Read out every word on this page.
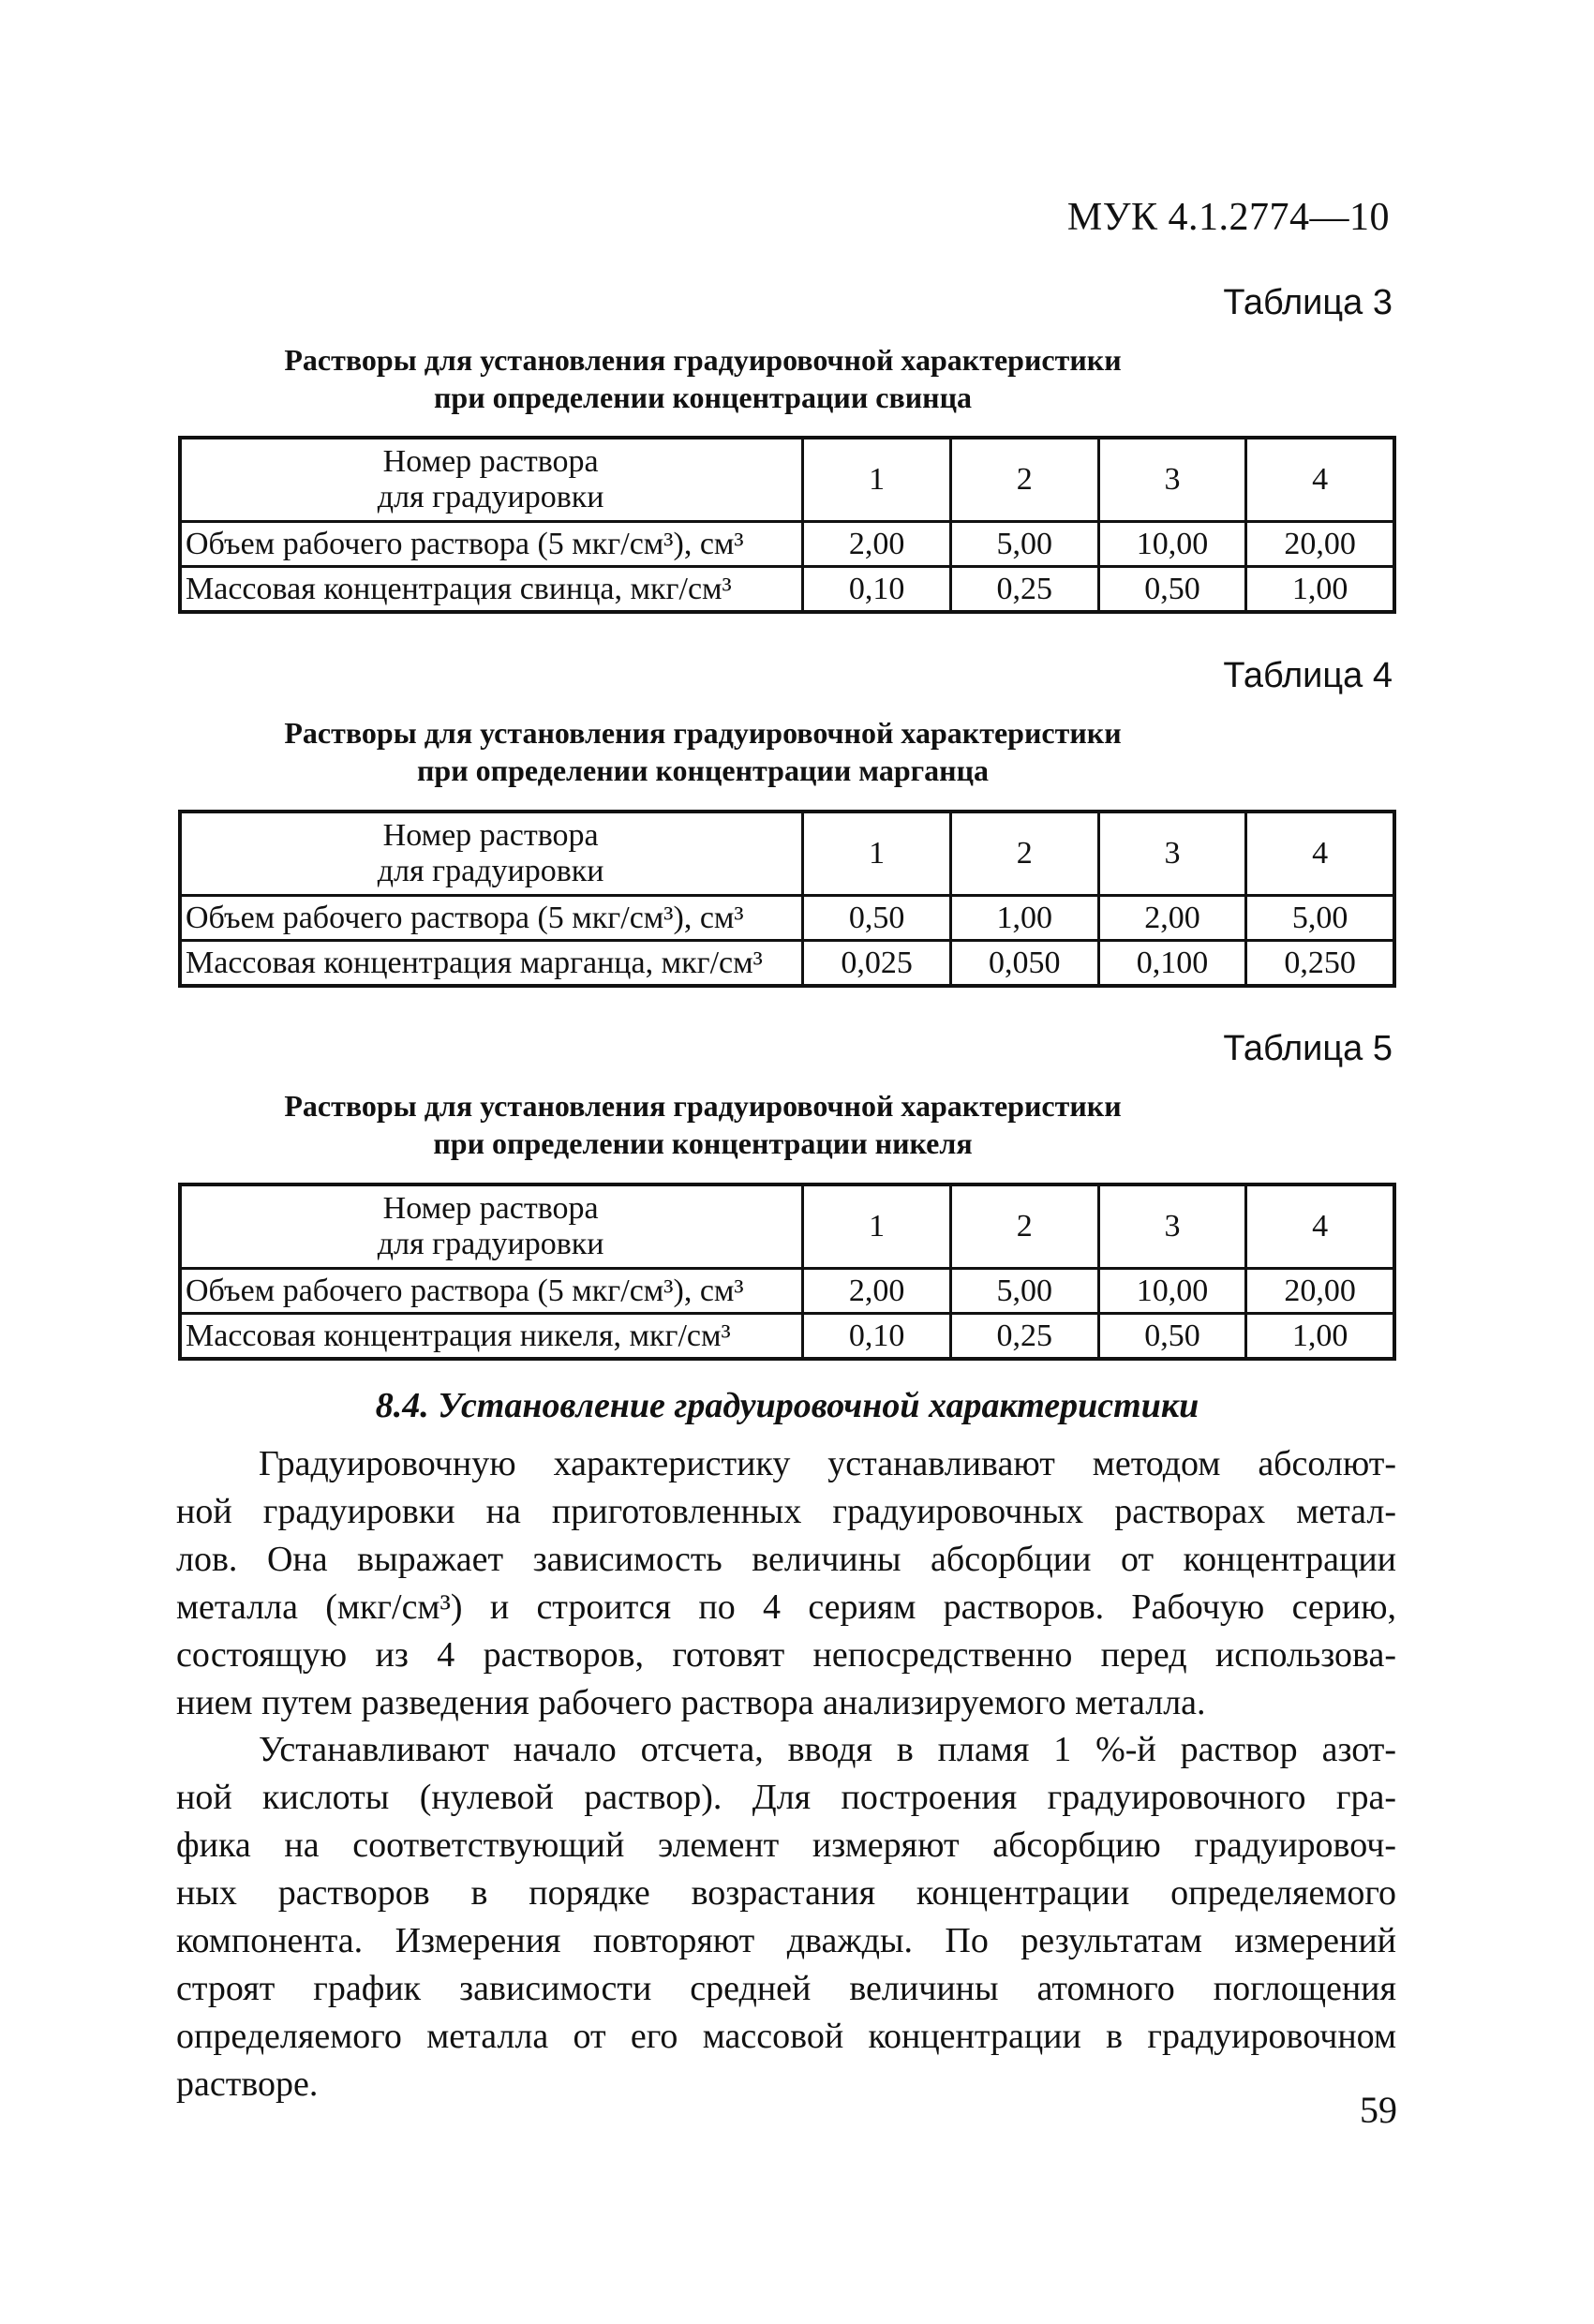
МУК 4.1.2774—10
Таблица 3
Растворы для установления градуировочной характеристики
при определении концентрации свинца
Номер раствора
для градуировки	1	2	3	4
Объем рабочего раствора (5 мкг/см³), см³	2,00	5,00	10,00	20,00
Массовая концентрация свинца, мкг/см³	0,10	0,25	0,50	1,00
Таблица 4
Растворы для установления градуировочной характеристики
при определении концентрации марганца
Номер раствора
для градуировки	1	2	3	4
Объем рабочего раствора (5 мкг/см³), см³	0,50	1,00	2,00	5,00
Массовая концентрация марганца, мкг/см³	0,025	0,050	0,100	0,250
Таблица 5
Растворы для установления градуировочной характеристики
при определении концентрации никеля
Номер раствора
для градуировки	1	2	3	4
Объем рабочего раствора (5 мкг/см³), см³	2,00	5,00	10,00	20,00
Массовая концентрация никеля, мкг/см³	0,10	0,25	0,50	1,00
8.4. Установление градуировочной характеристики
Градуировочную характеристику устанавливают методом абсолют-
ной градуировки на приготовленных градуировочных растворах метал-
лов. Она выражает зависимость величины абсорбции от концентрации
металла (мкг/см³) и строится по 4 сериям растворов. Рабочую серию,
состоящую из 4 растворов, готовят непосредственно перед использова-
нием путем разведения рабочего раствора анализируемого металла.
Устанавливают начало отсчета, вводя в пламя 1 %-й раствор азот-
ной кислоты (нулевой раствор). Для построения градуировочного гра-
фика на соответствующий элемент измеряют абсорбцию градуировоч-
ных растворов в порядке возрастания концентрации определяемого
компонента. Измерения повторяют дважды. По результатам измерений
строят график зависимости средней величины атомного поглощения
определяемого металла от его массовой концентрации в градуировочном
растворе.
59
